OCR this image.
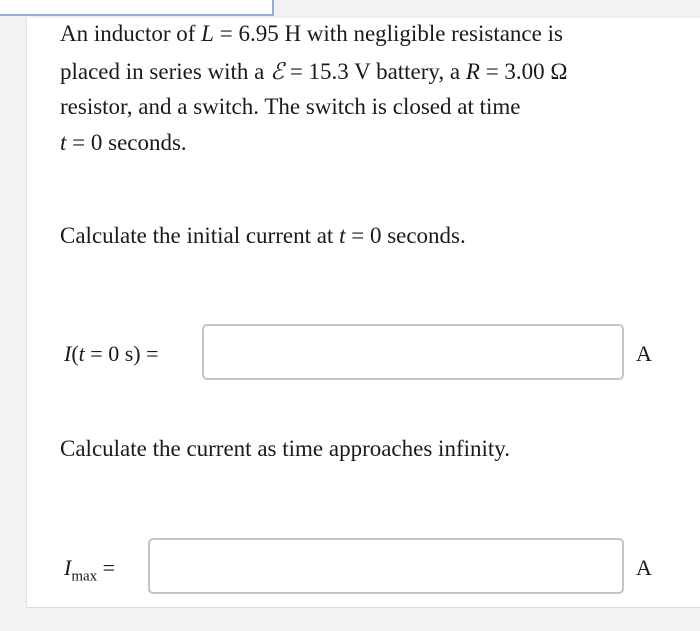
An inductor of L = 6.95 H with negligible resistance is
placed in series with a ℰ = 15.3 V battery, a R = 3.00 Ω
resistor, and a switch. The switch is closed at time
t = 0 seconds.
Calculate the initial current at t = 0 seconds.
I(t = 0 s) =	A
Calculate the current as time approaches infinity.
$I_{max}$ =	A
